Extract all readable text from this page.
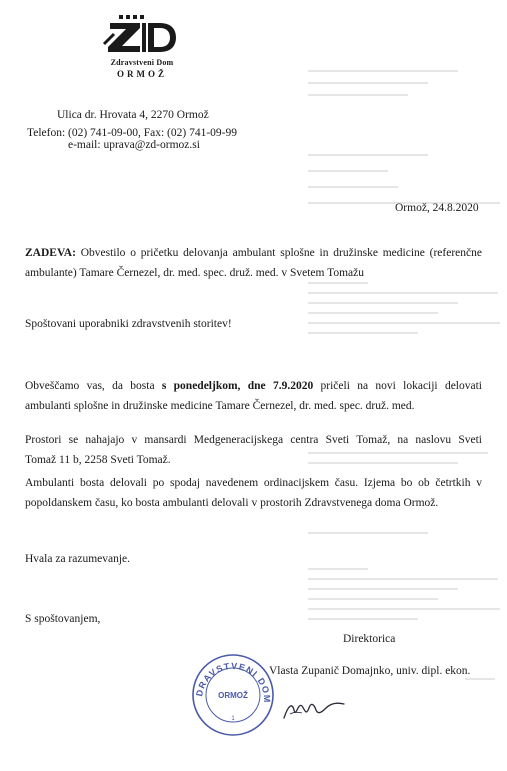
Zdravstveni Dom
ORMOŽ
Ulica dr. Hrovata 4, 2270 Ormož
Telefon: (02) 741-09-00, Fax: (02) 741-09-99
e-mail: uprava@zd-ormoz.si
Ormož, 24.8.2020
ZADEVA: Obvestilo o pričetku delovanja ambulant splošne in družinske medicine (referenčne
ambulante) Tamare Černezel, dr. med. spec. druž. med. v Svetem Tomažu
Spoštovani uporabniki zdravstvenih storitev!
Obveščamo vas, da bosta s ponedeljkom, dne 7.9.2020 pričeli na novi lokaciji delovati
ambulanti splošne in družinske medicine Tamare Černezel, dr. med. spec. druž. med.
Prostori se nahajajo v mansardi Medgeneracijskega centra Sveti Tomaž, na naslovu Sveti
Tomaž 11 b, 2258 Sveti Tomaž.
Ambulanti bosta delovali po spodaj navedenem ordinacijskem času. Izjema bo ob četrtkih v
popoldanskem času, ko bosta ambulanti delovali v prostorih Zdravstvenega doma Ormož.
Hvala za razumevanje.
S spoštovanjem,
Direktorica
Vlasta Zupanič Domajnko, univ. dipl. ekon.
DRAVSTVENI DOM
ORMOŽ
1
